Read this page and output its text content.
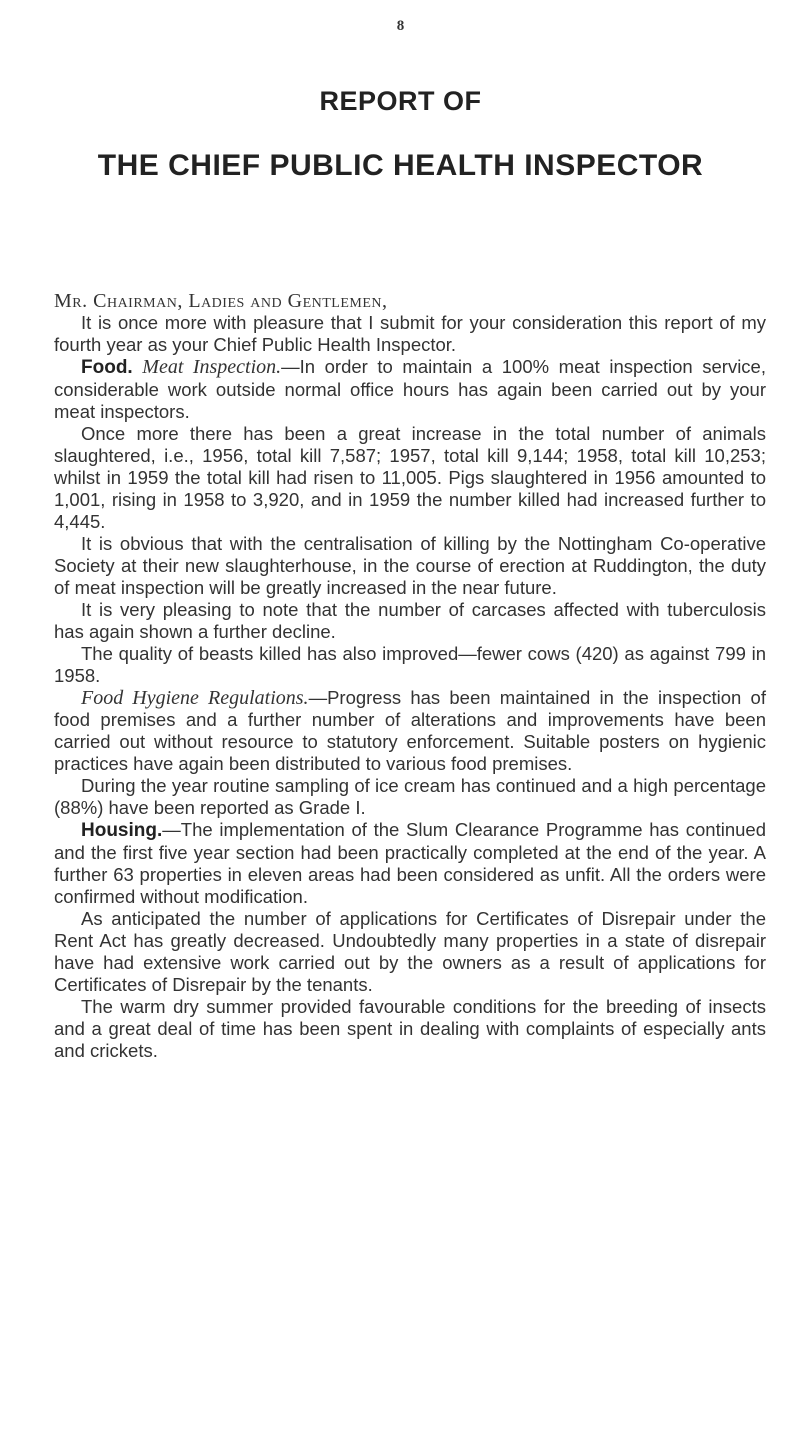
8
REPORT OF
THE CHIEF PUBLIC HEALTH INSPECTOR

Mr. Chairman, Ladies and Gentlemen,

It is once more with pleasure that I submit for your consideration this report of my fourth year as your Chief Public Health Inspector.

Food. Meat Inspection.—In order to maintain a 100% meat inspection service, considerable work outside normal office hours has again been carried out by your meat inspectors.

Once more there has been a great increase in the total number of animals slaughtered, i.e., 1956, total kill 7,587; 1957, total kill 9,144; 1958, total kill 10,253; whilst in 1959 the total kill had risen to 11,005. Pigs slaughtered in 1956 amounted to 1,001, rising in 1958 to 3,920, and in 1959 the number killed had increased further to 4,445.

It is obvious that with the centralisation of killing by the Nottingham Co-operative Society at their new slaughterhouse, in the course of erection at Ruddington, the duty of meat inspection will be greatly increased in the near future.

It is very pleasing to note that the number of carcases affected with tuberculosis has again shown a further decline.

The quality of beasts killed has also improved—fewer cows (420) as against 799 in 1958.

Food Hygiene Regulations.—Progress has been maintained in the inspection of food premises and a further number of alterations and improvements have been carried out without resource to statutory enforcement. Suitable posters on hygienic practices have again been distributed to various food premises.

During the year routine sampling of ice cream has continued and a high percentage (88%) have been reported as Grade I.

Housing.—The implementation of the Slum Clearance Programme has continued and the first five year section had been practically completed at the end of the year. A further 63 properties in eleven areas had been considered as unfit. All the orders were confirmed without modification.

As anticipated the number of applications for Certificates of Disrepair under the Rent Act has greatly decreased. Undoubtedly many properties in a state of disrepair have had extensive work carried out by the owners as a result of applications for Certificates of Disrepair by the tenants.

The warm dry summer provided favourable conditions for the breeding of insects and a great deal of time has been spent in dealing with complaints of especially ants and crickets.
